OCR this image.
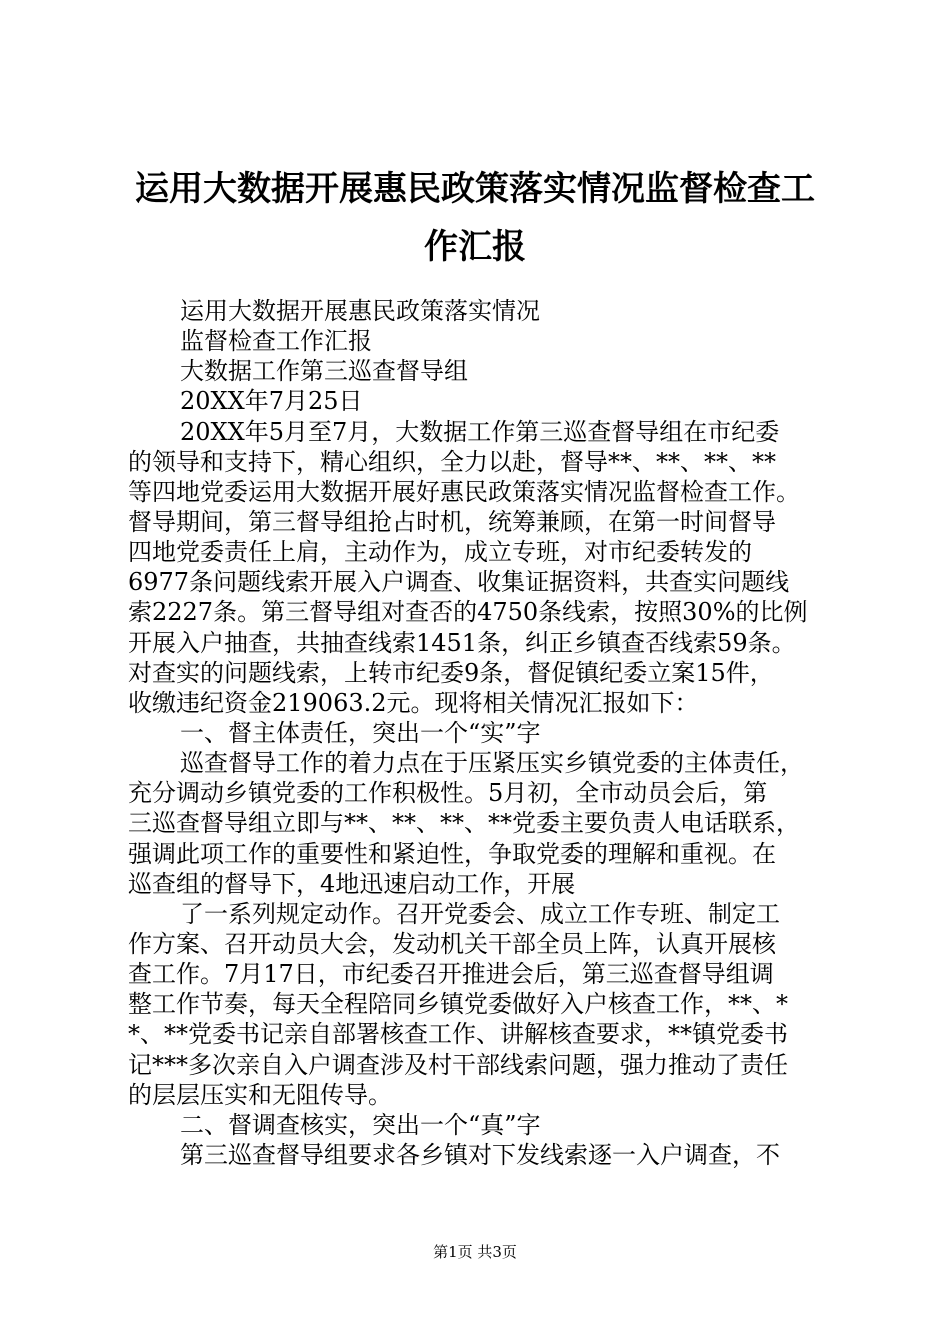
运用大数据开展惠民政策落实情况监督检查工
作汇报
运用大数据开展惠民政策落实情况
监督检查工作汇报
大数据工作第三巡查督导组
20XX年7月25日
20XX年5月至7月，大数据工作第三巡查督导组在市纪委
的领导和支持下，精心组织，全力以赴，督导**、**、**、**
等四地党委运用大数据开展好惠民政策落实情况监督检查工作。
督导期间，第三督导组抢占时机，统筹兼顾，在第一时间督导
四地党委责任上肩，主动作为，成立专班，对市纪委转发的
6977条问题线索开展入户调查、收集证据资料，共查实问题线
索2227条。第三督导组对查否的4750条线索，按照30%的比例
开展入户抽查，共抽查线索1451条，纠正乡镇查否线索59条。
对查实的问题线索，上转市纪委9条，督促镇纪委立案15件，
收缴违纪资金219063.2元。现将相关情况汇报如下：
一、督主体责任，突出一个“实”字
巡查督导工作的着力点在于压紧压实乡镇党委的主体责任，
充分调动乡镇党委的工作积极性。5月初，全市动员会后，第
三巡查督导组立即与**、**、**、**党委主要负责人电话联系，
强调此项工作的重要性和紧迫性，争取党委的理解和重视。在
巡查组的督导下，4地迅速启动工作，开展
了一系列规定动作。召开党委会、成立工作专班、制定工
作方案、召开动员大会，发动机关干部全员上阵，认真开展核
查工作。7月17日，市纪委召开推进会后，第三巡查督导组调
整工作节奏，每天全程陪同乡镇党委做好入户核查工作，**、*
*、**党委书记亲自部署核查工作、讲解核查要求，**镇党委书
记***多次亲自入户调查涉及村干部线索问题，强力推动了责任
的层层压实和无阻传导。
二、督调查核实，突出一个“真”字
第三巡查督导组要求各乡镇对下发线索逐一入户调查，不
第1页 共3页
